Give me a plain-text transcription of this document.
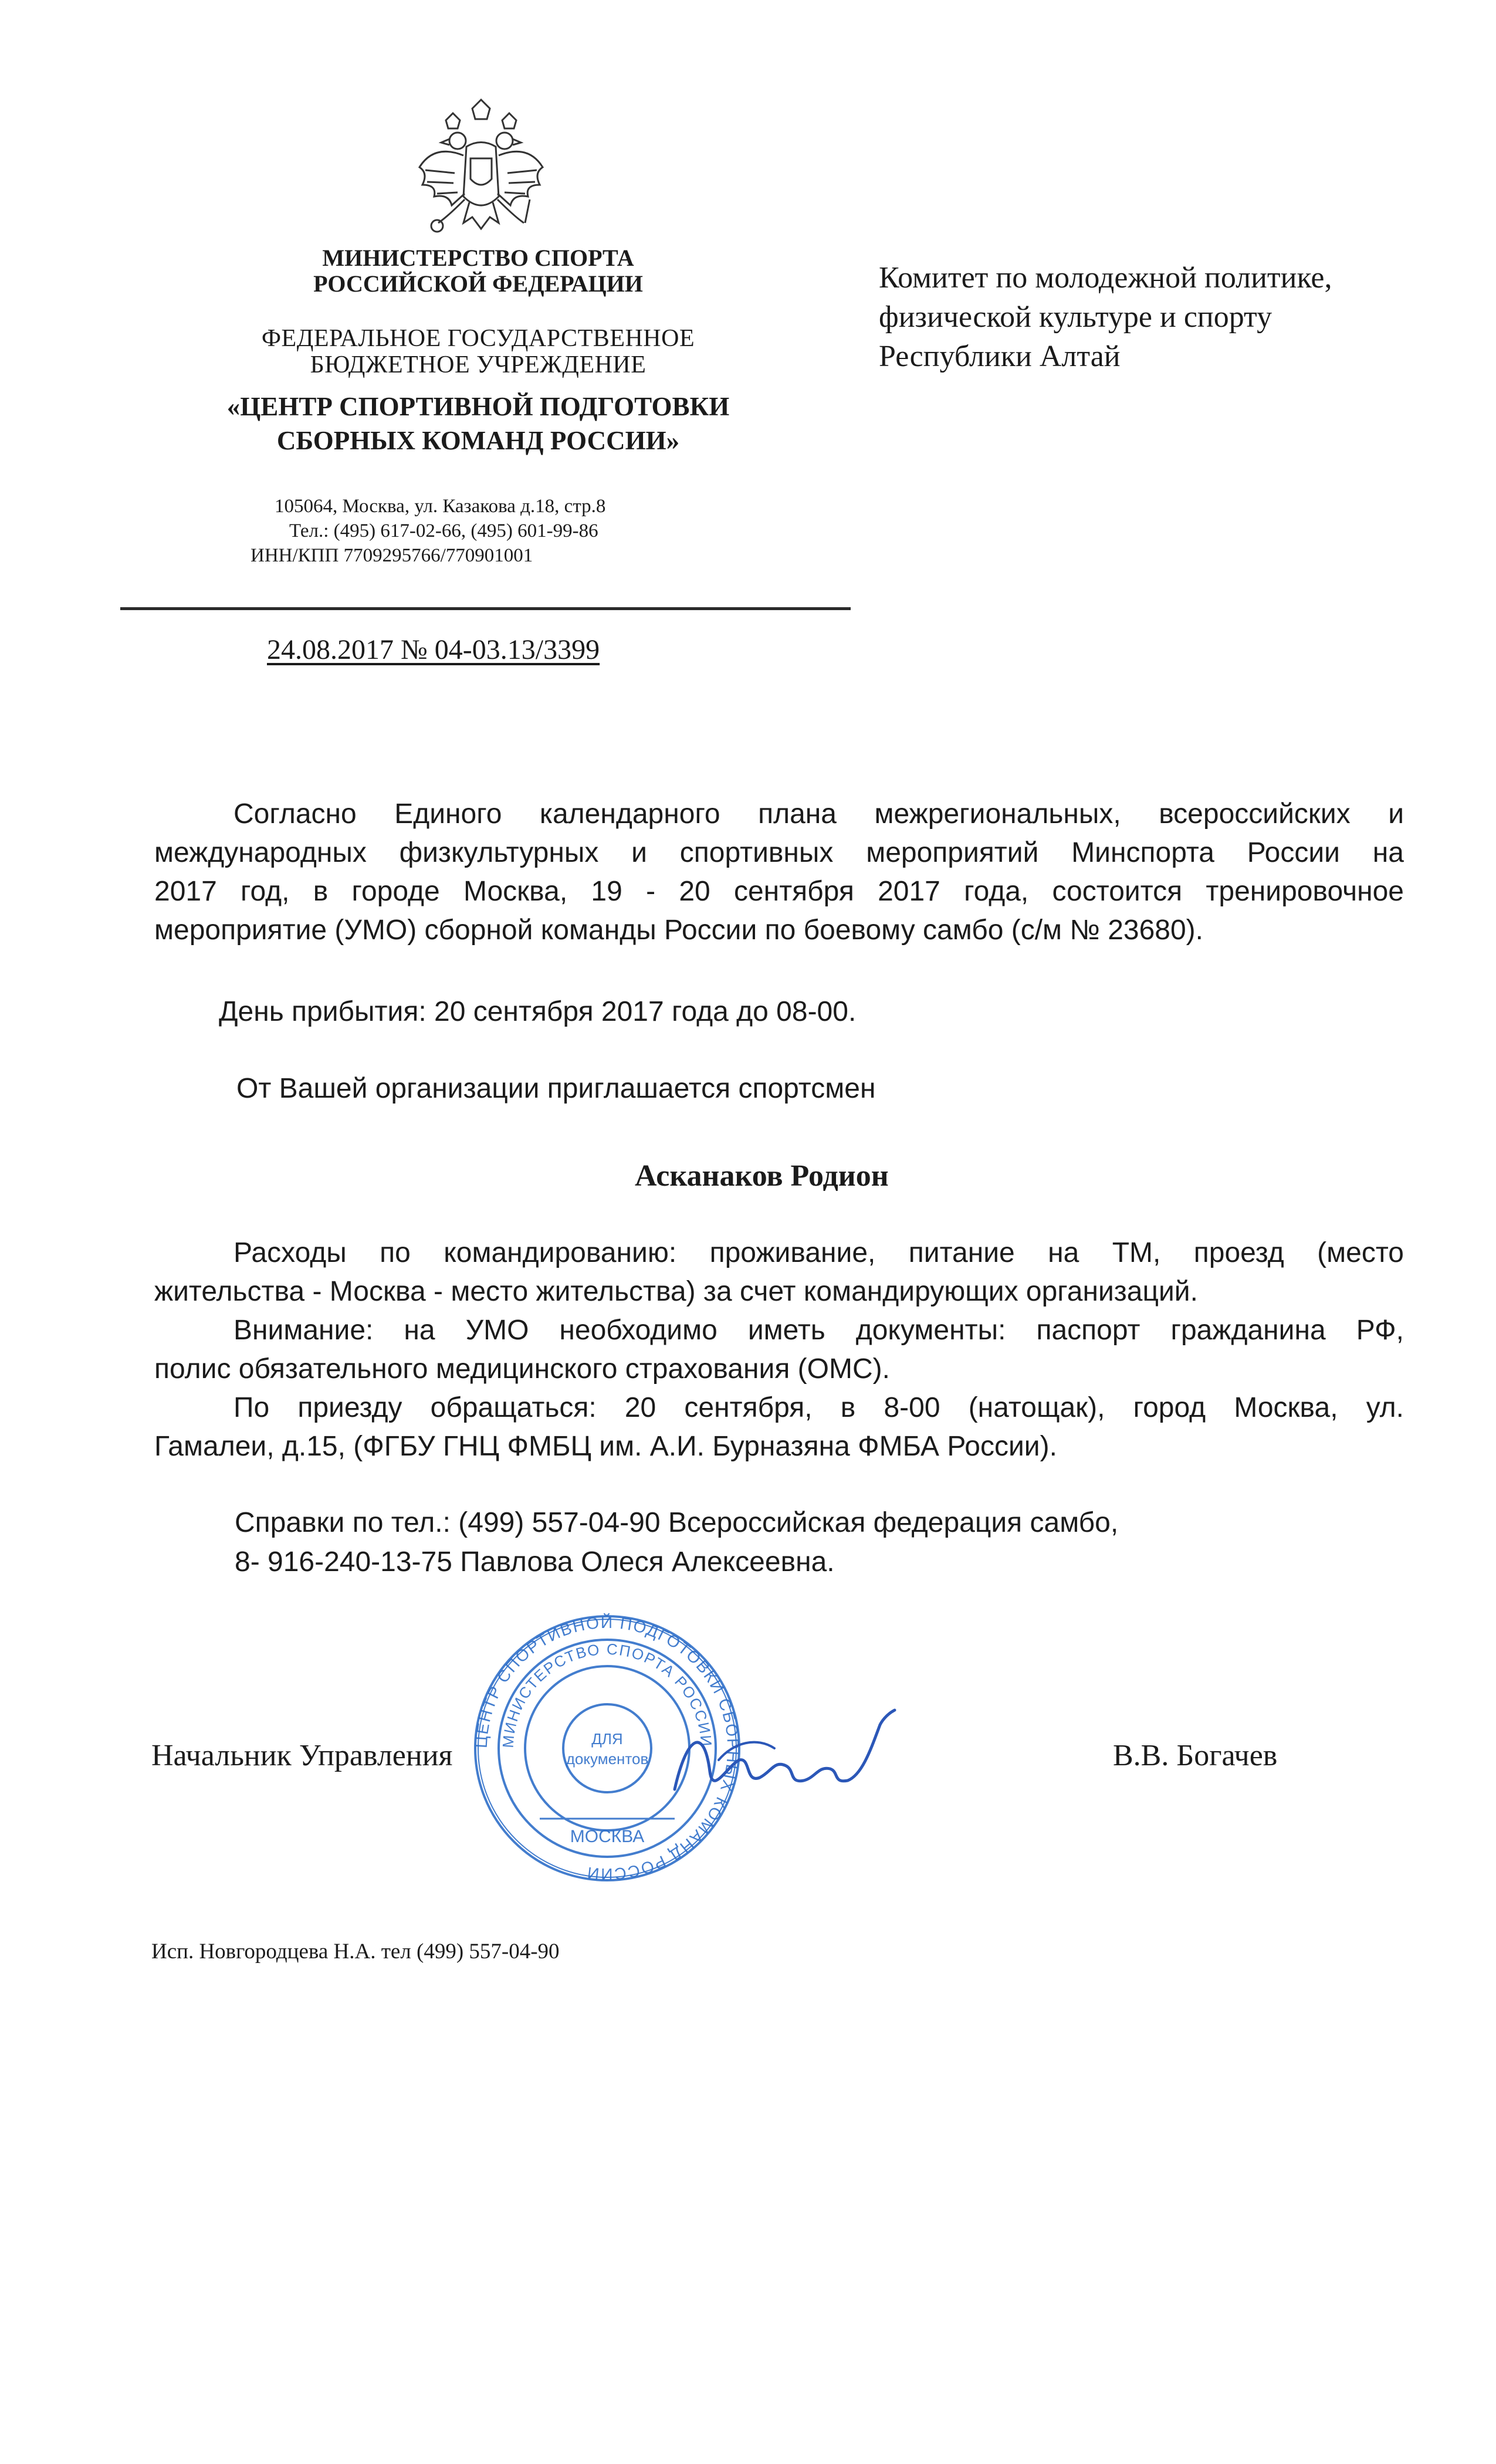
МИНИСТЕРСТВО СПОРТА
РОССИЙСКОЙ ФЕДЕРАЦИИ
ФЕДЕРАЛЬНОЕ ГОСУДАРСТВЕННОЕ
БЮДЖЕТНОЕ УЧРЕЖДЕНИЕ
«ЦЕНТР СПОРТИВНОЙ ПОДГОТОВКИ
СБОРНЫХ КОМАНД РОССИИ»
105064, Москва, ул. Казакова д.18, стр.8
Тел.: (495) 617-02-66, (495) 601-99-86
ИНН/КПП 7709295766/770901001
24.08.2017 № 04-03.13/3399
Комитет по молодежной политике,
физической культуре и спорту
Республики Алтай
Согласно Единого календарного плана межрегиональных, всероссийских и
международных физкультурных и спортивных мероприятий Минспорта России на
2017 год, в городе Москва, 19 - 20 сентября 2017 года, состоится тренировочное
мероприятие (УМО) сборной команды России по боевому самбо (с/м № 23680).
День прибытия: 20 сентября 2017 года до 08-00.
От Вашей организации приглашается спортсмен
Асканаков Родион
Расходы по командированию: проживание, питание на ТМ, проезд (место
жительства - Москва - место жительства) за счет командирующих организаций.
Внимание: на УМО необходимо иметь документы: паспорт гражданина РФ,
полис обязательного медицинского страхования (ОМС).
По приезду обращаться: 20 сентября, в 8-00 (натощак), город Москва, ул.
Гамалеи, д.15, (ФГБУ ГНЦ ФМБЦ им. А.И. Бурназяна ФМБА России).
Справки по тел.: (499) 557-04-90 Всероссийская федерация самбо,
8- 916-240-13-75 Павлова Олеся Алексеевна.
Начальник Управления ЦЕНТР СПОРТИВНОЙ ПОДГОТОВКИ СБОРНЫХ КОМАНД РОССИИ
МИНИСТЕРСТВО СПОРТА РОССИИ
ДЛЯ
документов
МОСКВА
В.В. Богачев
Исп. Новгородцева Н.А. тел (499) 557-04-90
